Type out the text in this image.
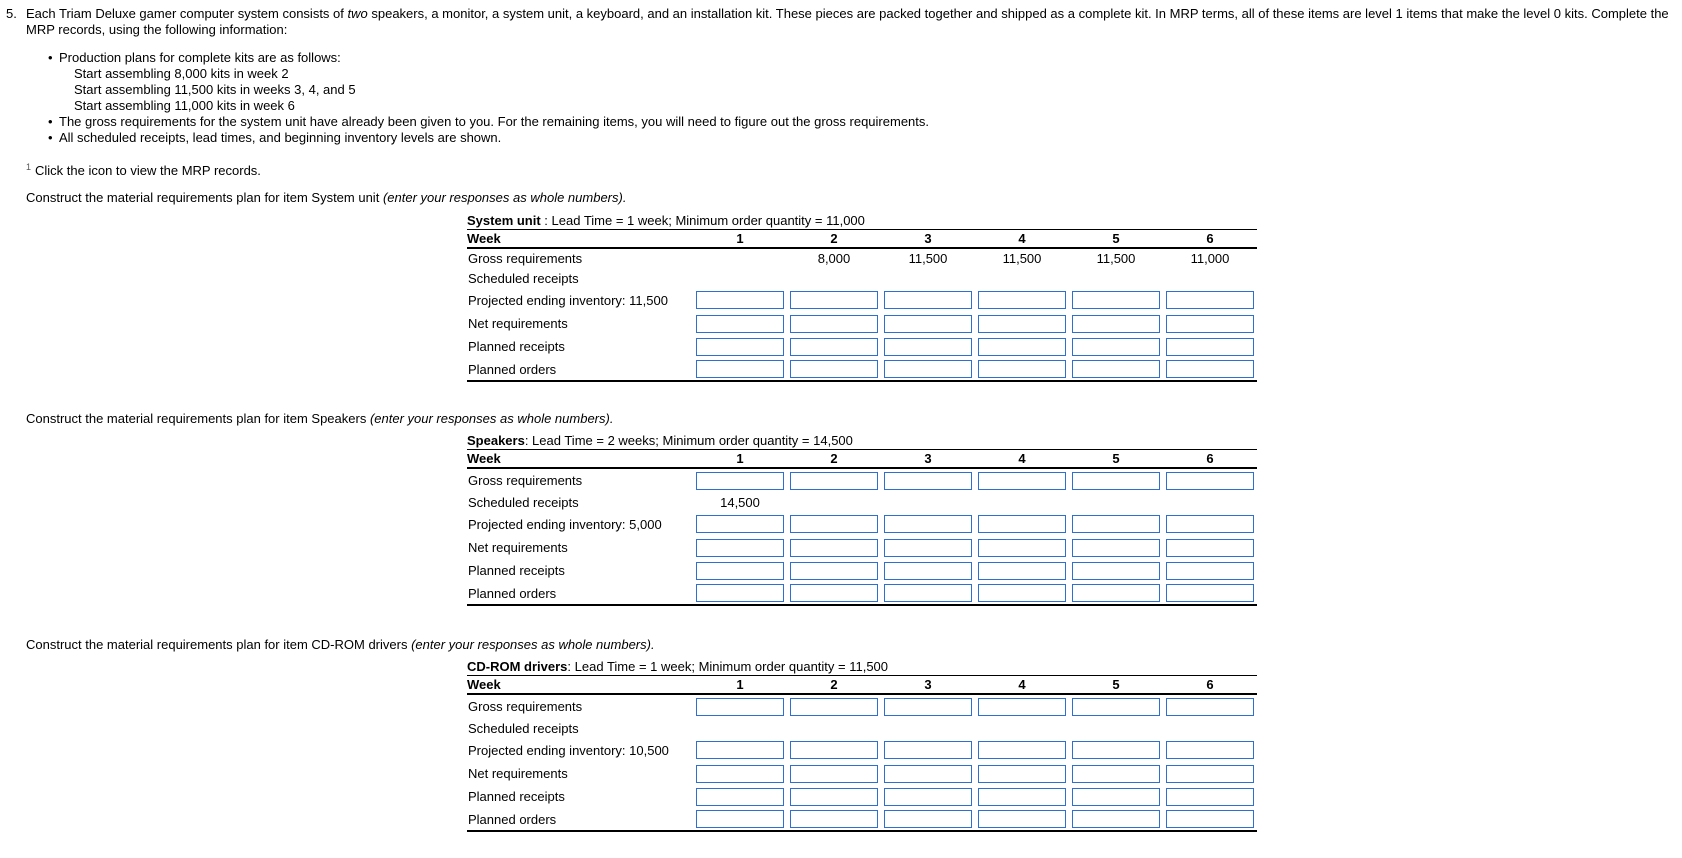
5. Each Triam Deluxe gamer computer system consists of two speakers, a monitor, a system unit, a keyboard, and an installation kit. These pieces are packed together and shipped as a complete kit. In MRP terms, all of these items are level 1 items that make the level 0 kits. Complete the MRP records, using the following information:
• Production plans for complete kits are as follows:
Start assembling 8,000 kits in week 2
Start assembling 11,500 kits in weeks 3, 4, and 5
Start assembling 11,000 kits in week 6
• The gross requirements for the system unit have already been given to you. For the remaining items, you will need to figure out the gross requirements.
• All scheduled receipts, lead times, and beginning inventory levels are shown.
$^1$ Click the icon to view the MRP records.
Construct the material requirements plan for item System unit (enter your responses as whole numbers).
System unit : Lead Time = 1 week; Minimum order quantity = 11,000
Week	1	2	3	4	5	6
Gross requirements		8,000	11,500	11,500	11,500	11,000
Scheduled receipts						
Projected ending inventory: 11,500						
Net requirements						
Planned receipts						
Planned orders						
Construct the material requirements plan for item Speakers (enter your responses as whole numbers).
Speakers: Lead Time = 2 weeks; Minimum order quantity = 14,500
Week	1	2	3	4	5	6
Gross requirements						
Scheduled receipts	14,500					
Projected ending inventory: 5,000						
Net requirements						
Planned receipts						
Planned orders						
Construct the material requirements plan for item CD-ROM drivers (enter your responses as whole numbers).
CD-ROM drivers: Lead Time = 1 week; Minimum order quantity = 11,500
Week	1	2	3	4	5	6
Gross requirements						
Scheduled receipts						
Projected ending inventory: 10,500						
Net requirements						
Planned receipts						
Planned orders						
